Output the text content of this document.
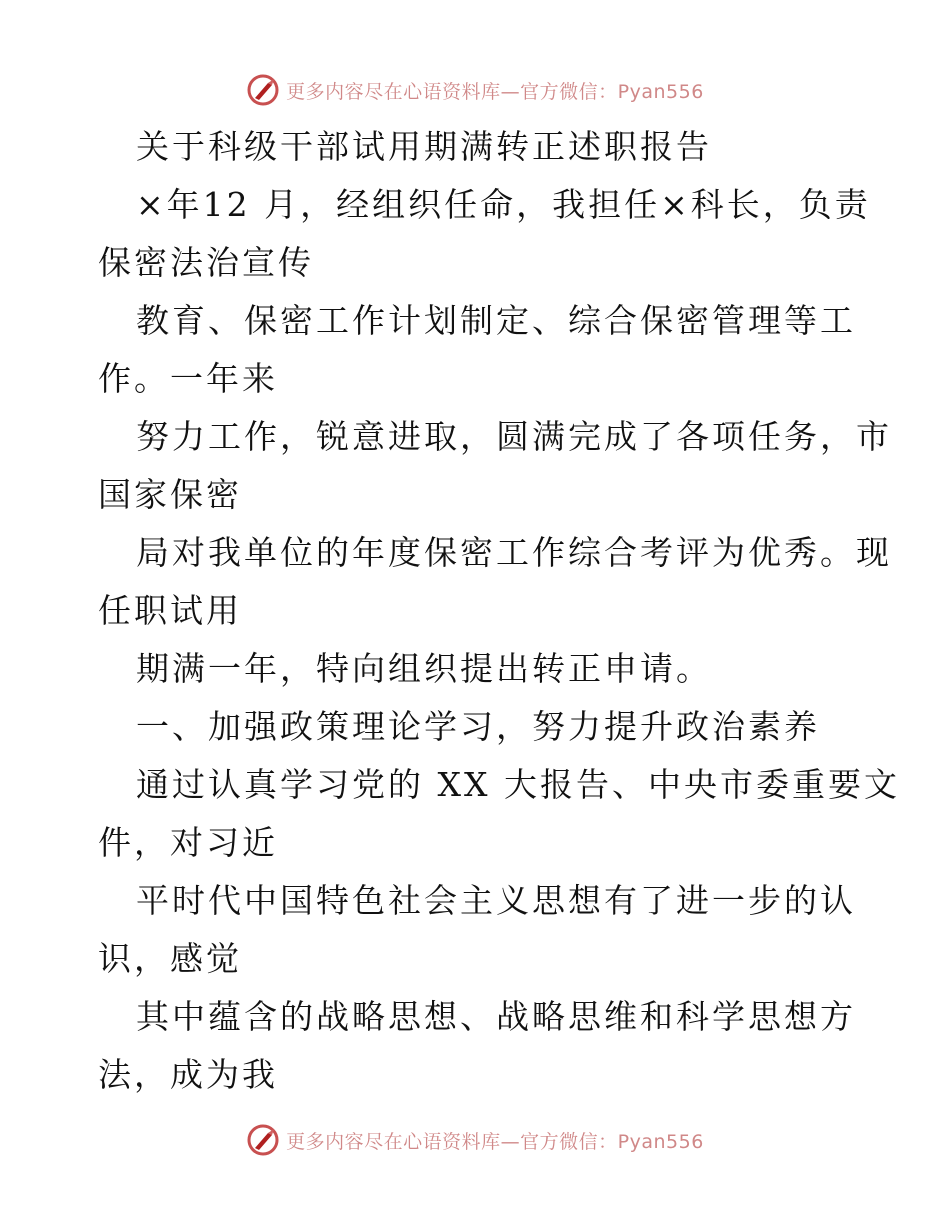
更多内容尽在心语资料库—官方微信：Pyan556
关于科级干部试用期满转正述职报告
×年12 月，经组织任命，我担任×科长，负责
保密法治宣传
教育、保密工作计划制定、综合保密管理等工
作。一年来
努力工作，锐意进取，圆满完成了各项任务，市
国家保密
局对我单位的年度保密工作综合考评为优秀。现
任职试用
期满一年，特向组织提出转正申请。
一、加强政策理论学习，努力提升政治素养
通过认真学习党的 XX 大报告、中央市委重要文
件，对习近
平时代中国特色社会主义思想有了进一步的认
识，感觉
其中蕴含的战略思想、战略思维和科学思想方
法，成为我
更多内容尽在心语资料库—官方微信：Pyan556
